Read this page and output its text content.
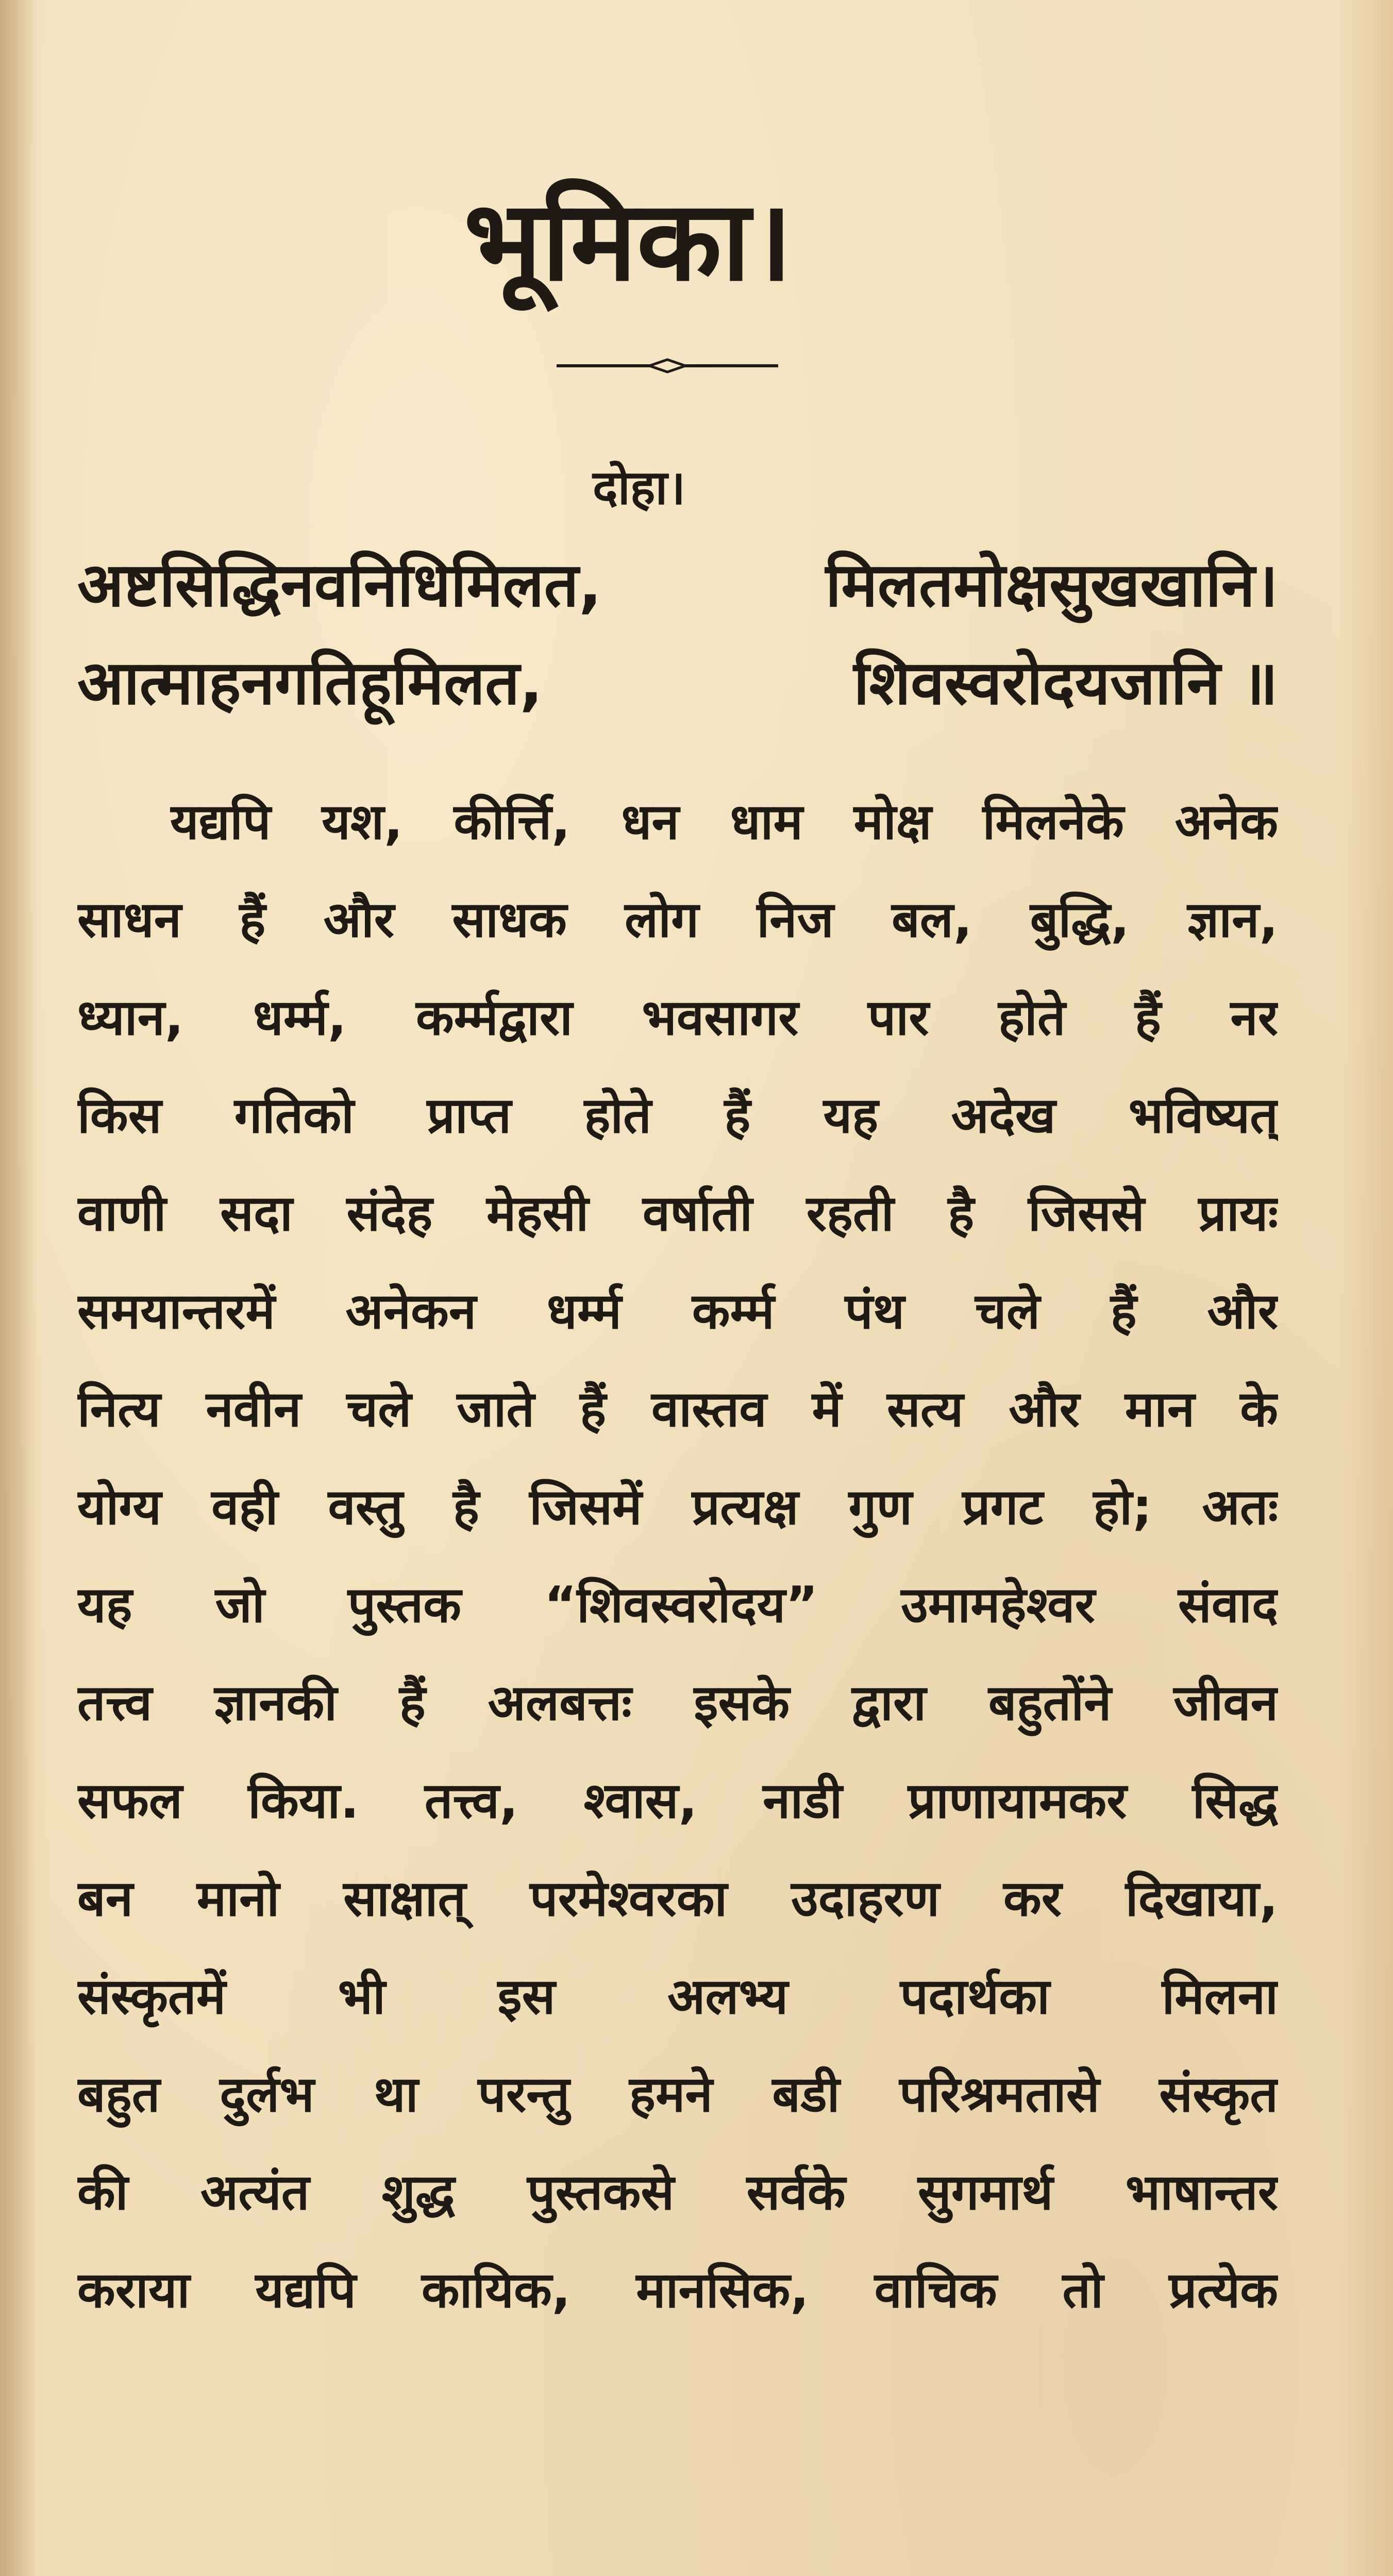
भूमिका।
दोहा।
अष्टसिद्धिनवनिधिमिलत,	मिलतमोक्षसुखखानि।
आत्माहनगतिहूमिलत,	शिवस्वरोदयजानि ॥
यद्यपि यश, कीर्त्ति, धन धाम मोक्ष मिलनेके अनेक
साधन हैं और साधक लोग निज बल, बुद्धि, ज्ञान,
ध्यान, धर्म्म, कर्म्मद्वारा भवसागर पार होते हैं नर
किस गतिको प्राप्त होते हैं यह अदेख भविष्यत्
वाणी सदा संदेह मेहसी वर्षाती रहती है जिससे प्रायः
समयान्तरमें अनेकन धर्म्म कर्म्म पंथ चले हैं और
नित्य नवीन चले जाते हैं वास्तव में सत्य और मान के
योग्य वही वस्तु है जिसमें प्रत्यक्ष गुण प्रगट हो; अतः
यह जो पुस्तक “शिवस्वरोदय” उमामहेश्वर संवाद
तत्त्व ज्ञानकी हैं अलबत्तः इसके द्वारा बहुतोंने जीवन
सफल किया. तत्त्व, श्वास, नाडी प्राणायामकर सिद्ध
बन मानो साक्षात् परमेश्वरका उदाहरण कर दिखाया,
संस्कृतमें भी इस अलभ्य पदार्थका मिलना
बहुत दुर्लभ था परन्तु हमने बडी परिश्रमतासे संस्कृत
की अत्यंत शुद्ध पुस्तकसे सर्वके सुगमार्थ भाषान्तर
कराया यद्यपि कायिक, मानसिक, वाचिक तो प्रत्येक
